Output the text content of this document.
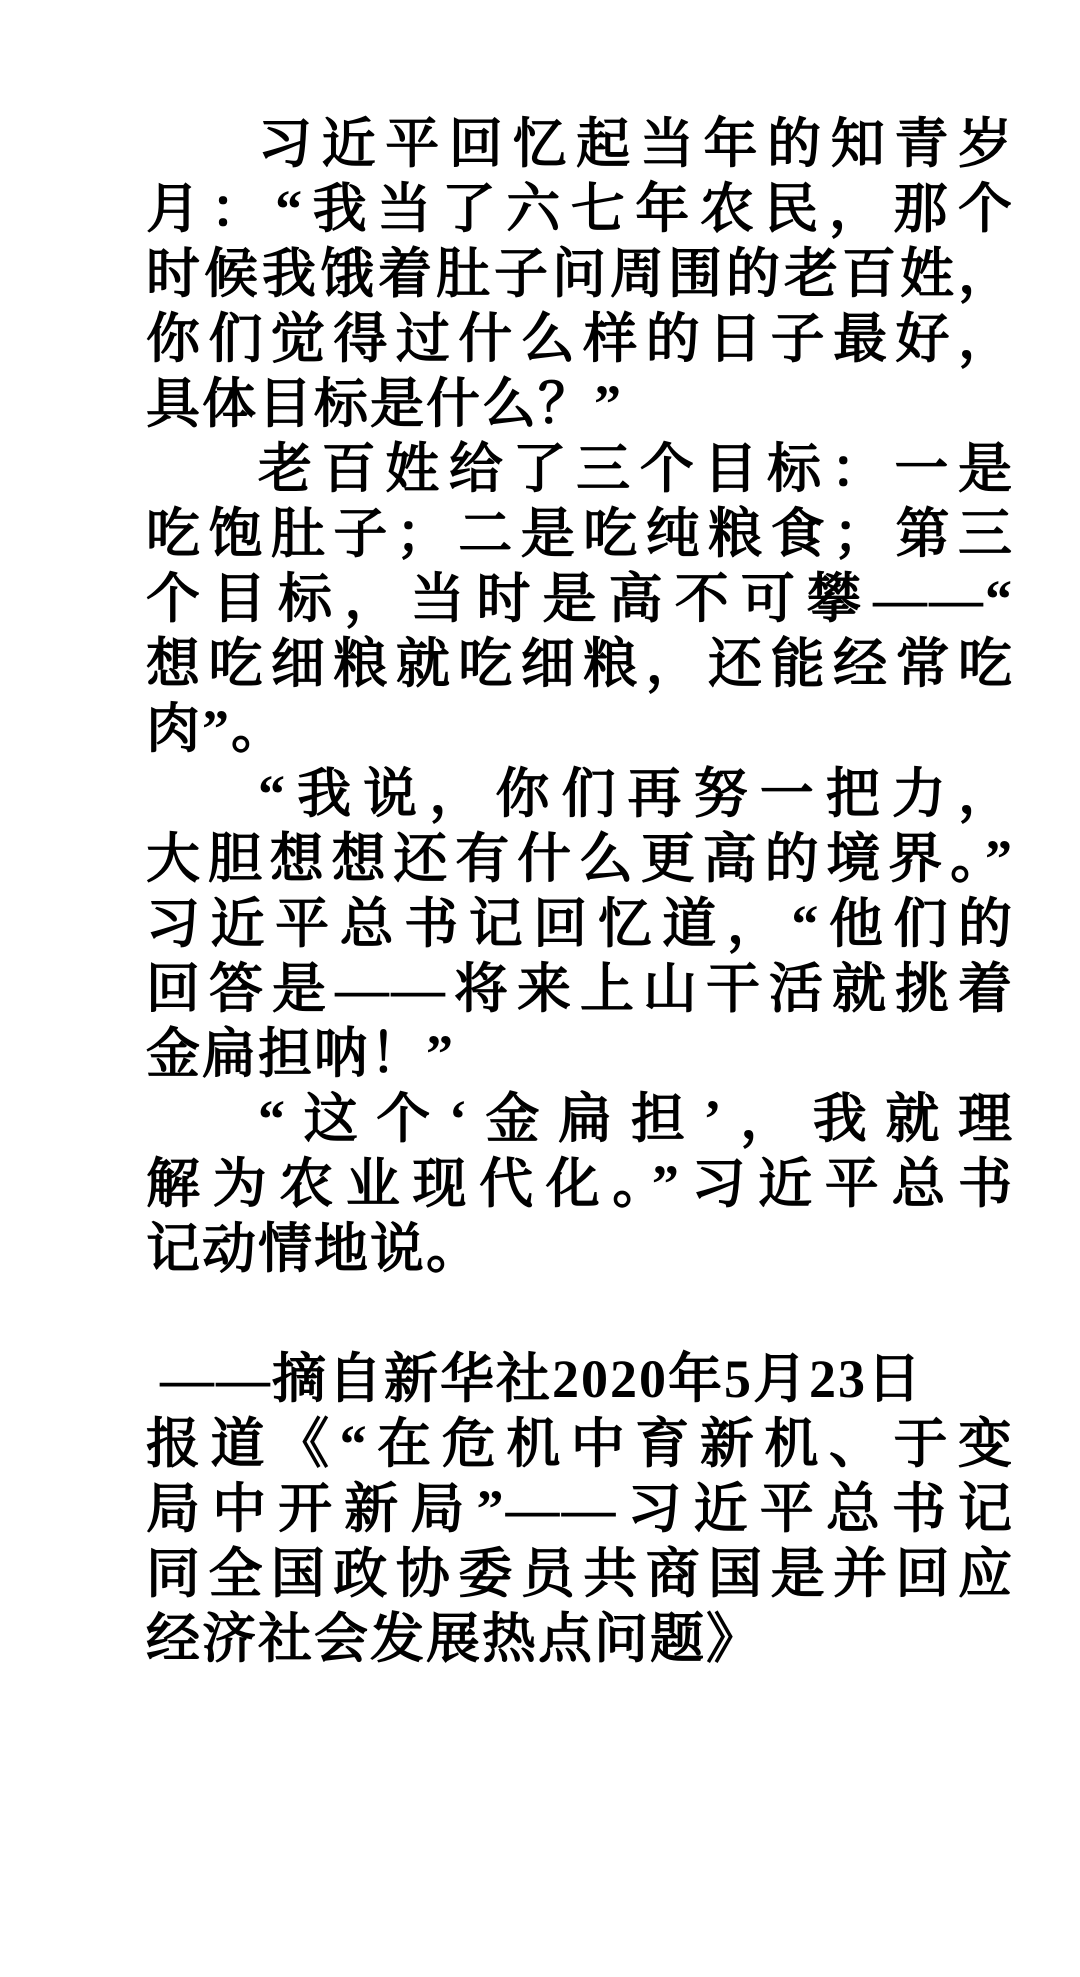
习近平回忆起当年的知青岁
月：“我当了六七年农民，那个
时候我饿着肚子问周围的老百姓，
你们觉得过什么样的日子最好，
具体目标是什么？”
老百姓给了三个目标：一是
吃饱肚子；二是吃纯粮食；第三
个目标，当时是高不可攀——“
想吃细粮就吃细粮，还能经常吃
肉”。
“我说，你们再努一把力，
大胆想想还有什么更高的境界。”
习近平总书记回忆道，“他们的
回答是——将来上山干活就挑着
金扁担呐！”
“这个‘金扁担’，我就理
解为农业现代化。”习近平总书
记动情地说。
——摘自新华社2020年5月23日
报道《“在危机中育新机、于变
局中开新局”——习近平总书记
同全国政协委员共商国是并回应
经济社会发展热点问题》
